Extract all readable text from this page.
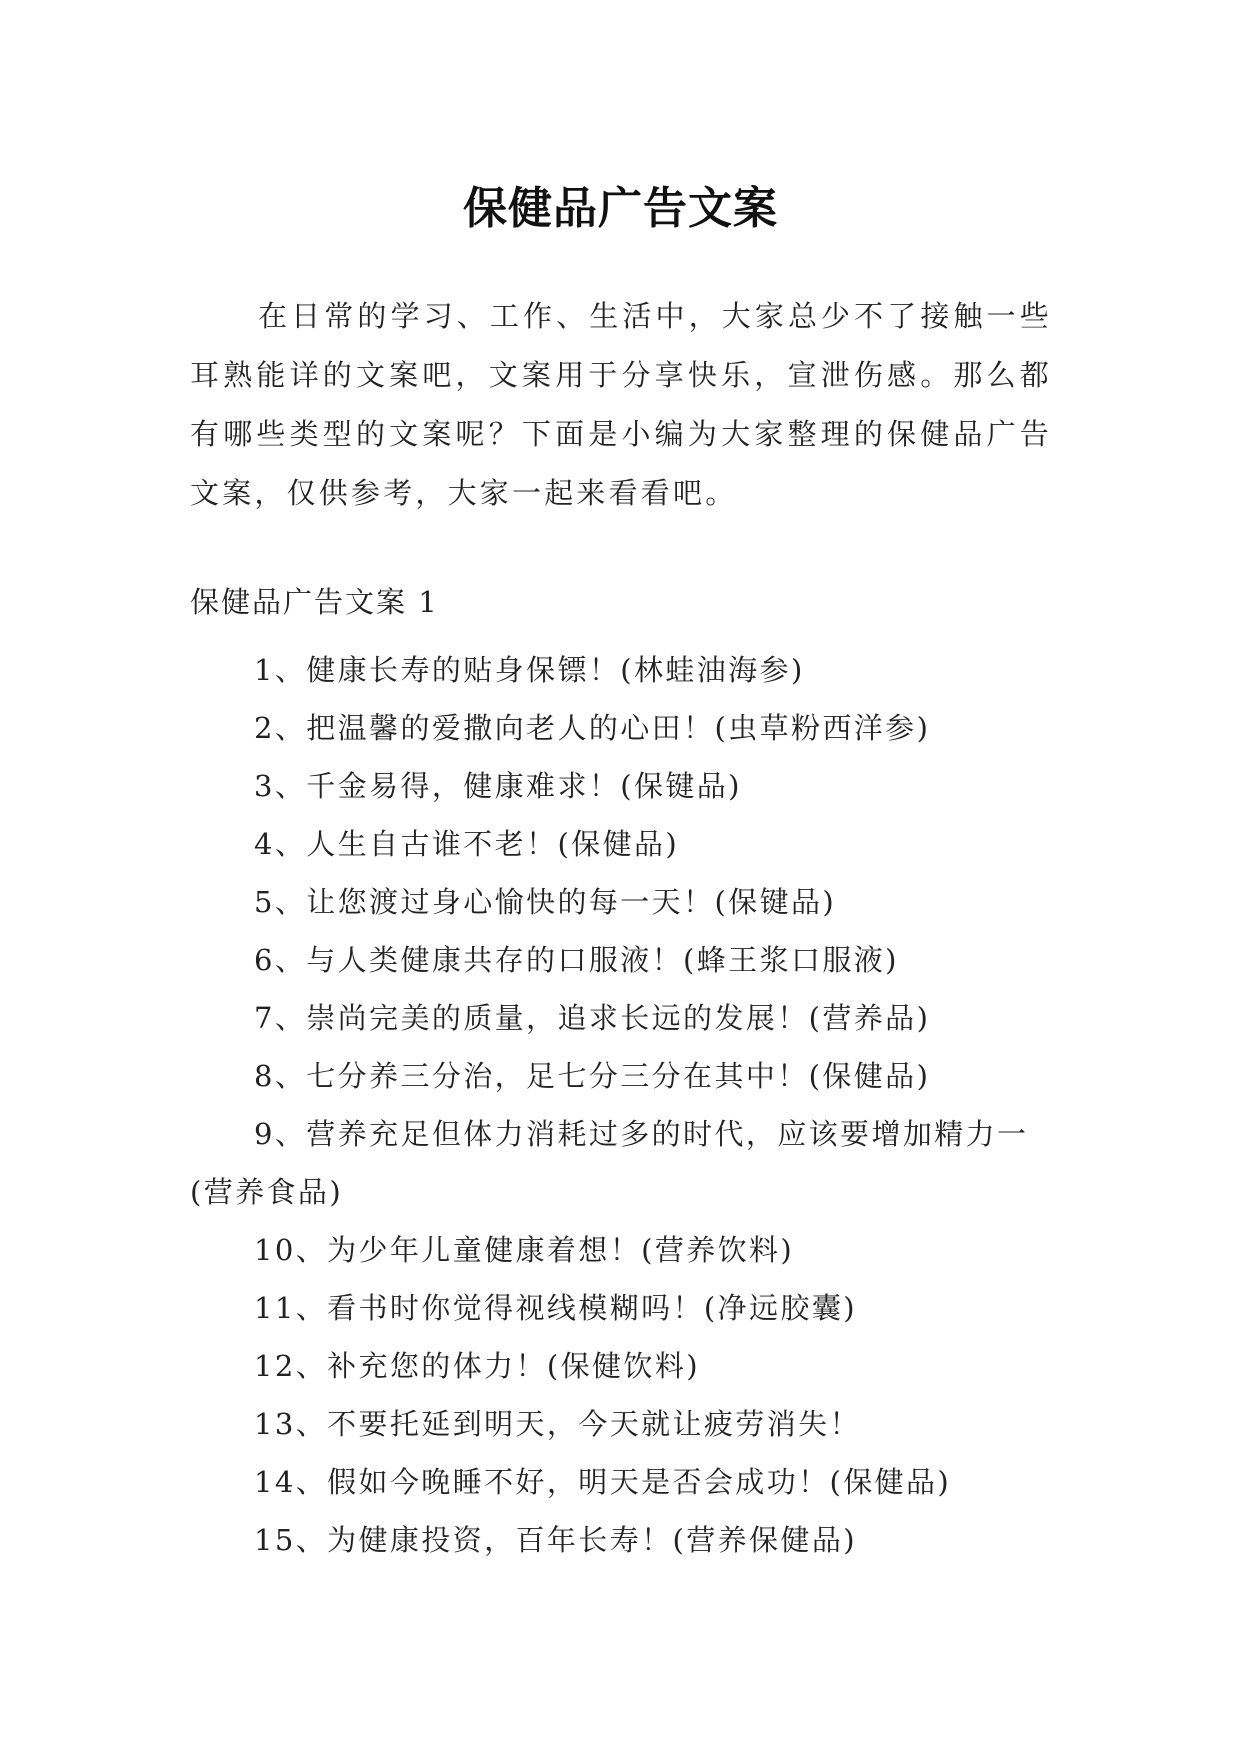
保健品广告文案

在日常的学习、工作、生活中，大家总少不了接触一些耳熟能详的文案吧，文案用于分享快乐，宣泄伤感。那么都有哪些类型的文案呢？下面是小编为大家整理的保健品广告文案，仅供参考，大家一起来看看吧。

保健品广告文案 1

1、健康长寿的贴身保镖！(林蛙油海参)
2、把温馨的爱撒向老人的心田！(虫草粉西洋参)
3、千金易得，健康难求！(保键品)
4、人生自古谁不老！(保健品)
5、让您渡过身心愉快的每一天！(保键品)
6、与人类健康共存的口服液！(蜂王浆口服液)
7、崇尚完美的质量，追求长远的发展！(营养品)
8、七分养三分治，足七分三分在其中！(保健品)
9、营养充足但体力消耗过多的时代，应该要增加精力一(营养食品)
10、为少年儿童健康着想！(营养饮料)
11、看书时你觉得视线模糊吗！(净远胶囊)
12、补充您的体力！(保健饮料)
13、不要托延到明天，今天就让疲劳消失！
14、假如今晚睡不好，明天是否会成功！(保健品)
15、为健康投资，百年长寿！(营养保健品)
